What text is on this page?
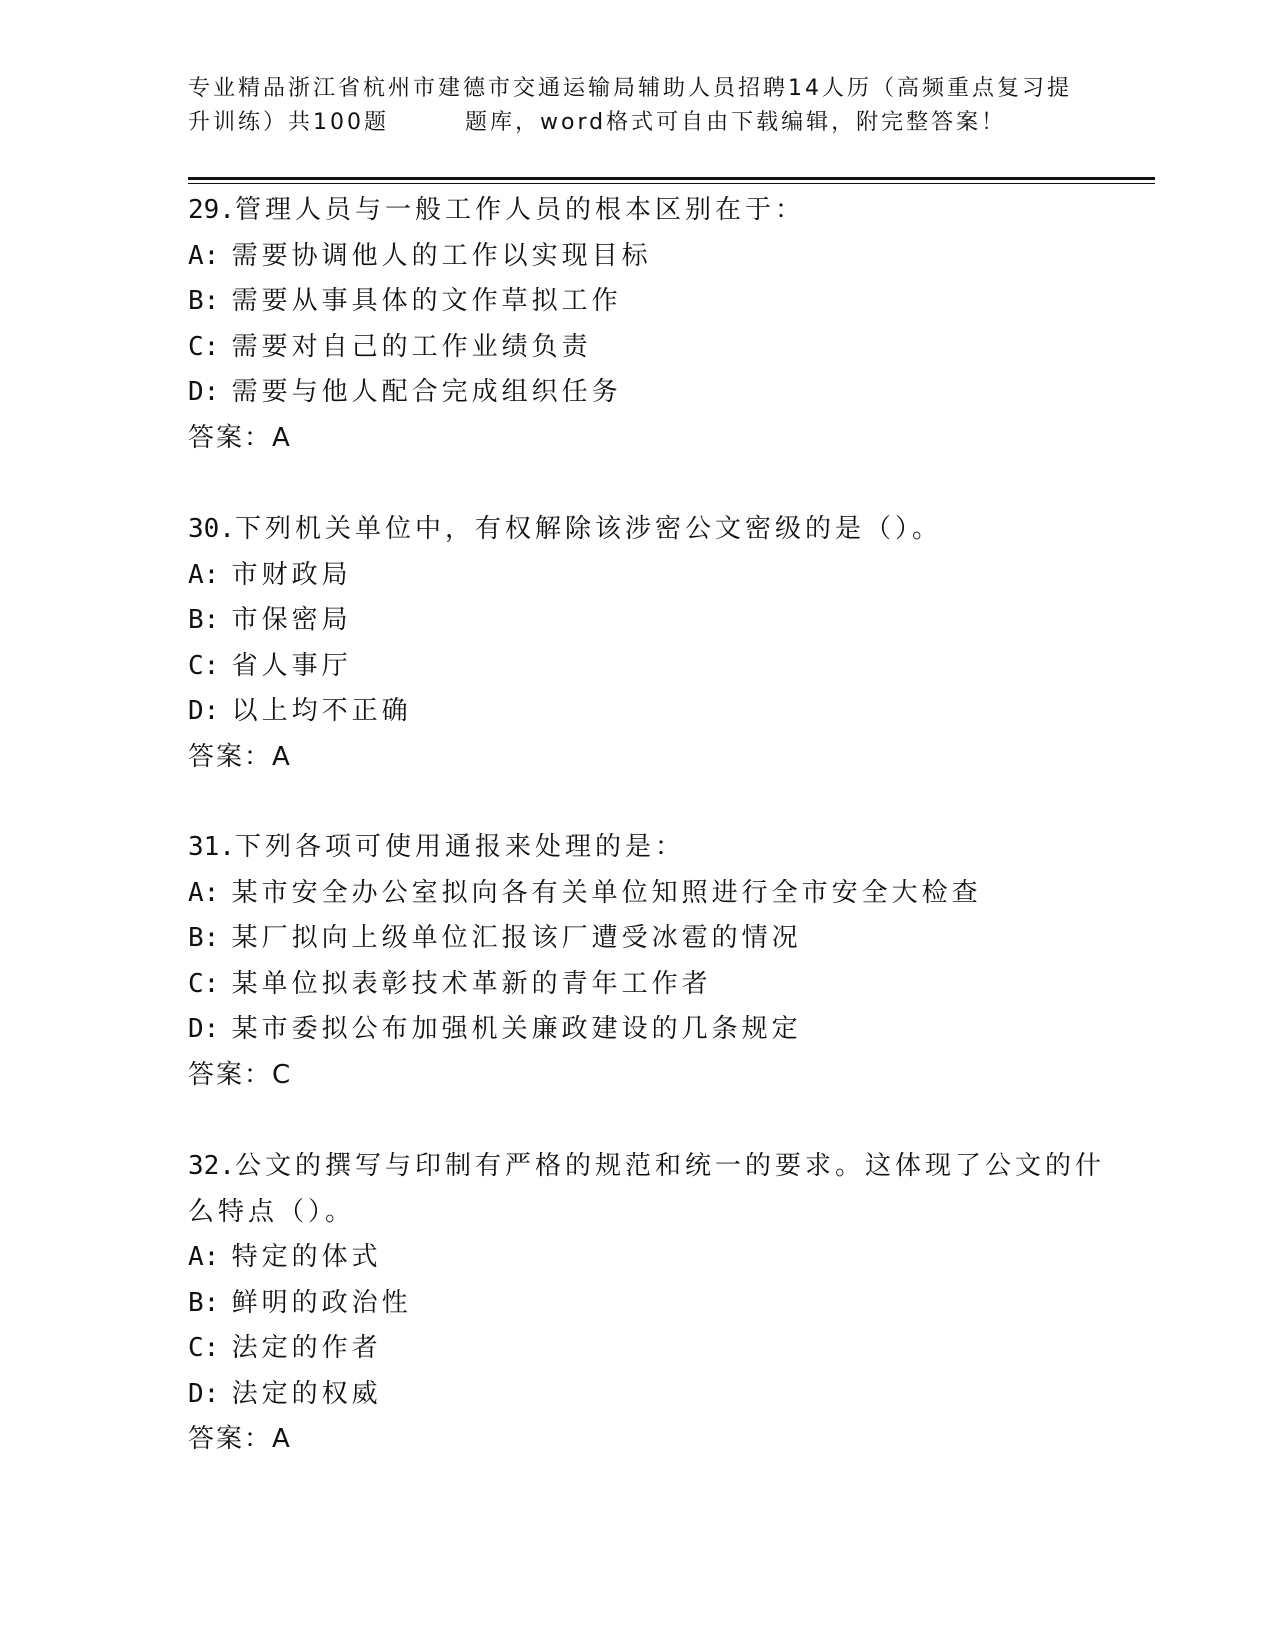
专业精品浙江省杭州市建德市交通运输局辅助人员招聘14人历（高频重点复习提
升训练）共100题	题库，word格式可自由下载编辑，附完整答案！
29.管理人员与一般工作人员的根本区别在于：
A: 需要协调他人的工作以实现目标
B: 需要从事具体的文作草拟工作
C: 需要对自己的工作业绩负责
D: 需要与他人配合完成组织任务
答案：A
30.下列机关单位中，有权解除该涉密公文密级的是（）。
A: 市财政局
B: 市保密局
C: 省人事厅
D: 以上均不正确
答案：A
31.下列各项可使用通报来处理的是：
A: 某市安全办公室拟向各有关单位知照进行全市安全大检查
B: 某厂拟向上级单位汇报该厂遭受冰雹的情况
C: 某单位拟表彰技术革新的青年工作者
D: 某市委拟公布加强机关廉政建设的几条规定
答案：C
32.公文的撰写与印制有严格的规范和统一的要求。这体现了公文的什
么特点（）。
A: 特定的体式
B: 鲜明的政治性
C: 法定的作者
D: 法定的权威
答案：A
